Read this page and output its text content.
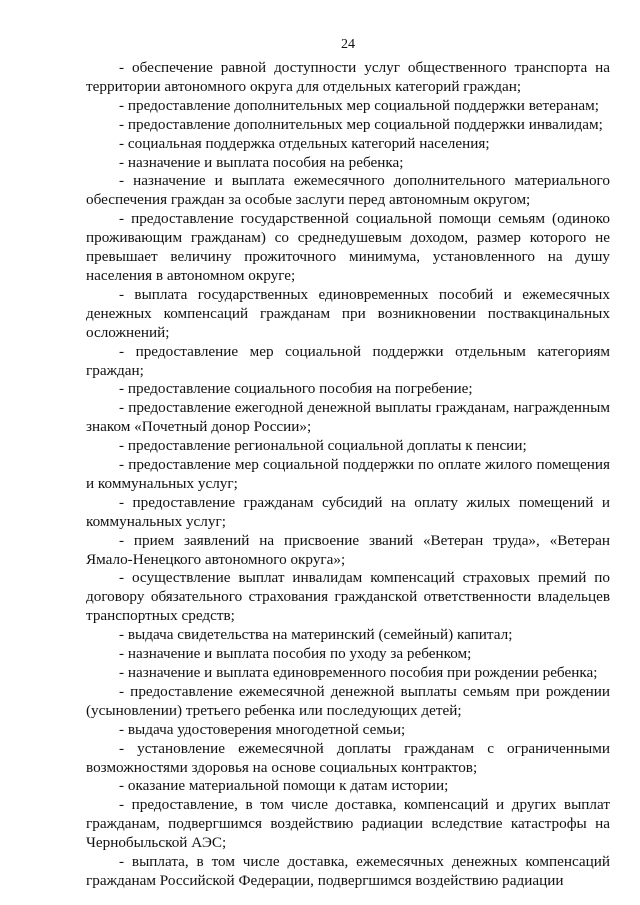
24

- обеспечение равной доступности услуг общественного транспорта на территории автономного округа для отдельных категорий граждан;

- предоставление дополнительных мер социальной поддержки ветеранам;

- предоставление дополнительных мер социальной поддержки инвалидам;

- социальная поддержка отдельных категорий населения;

- назначение и выплата пособия на ребенка;

- назначение и выплата ежемесячного дополнительного материального обеспечения граждан за особые заслуги перед автономным округом;

- предоставление государственной социальной помощи семьям (одиноко проживающим гражданам) со среднедушевым доходом, размер которого не превышает величину прожиточного минимума, установленного на душу населения в автономном округе;

- выплата государственных единовременных пособий и ежемесячных денежных компенсаций гражданам при возникновении поствакцинальных осложнений;

- предоставление мер социальной поддержки отдельным категориям граждан;

- предоставление социального пособия на погребение;

- предоставление ежегодной денежной выплаты гражданам, награжденным знаком «Почетный донор России»;

- предоставление региональной социальной доплаты к пенсии;

- предоставление мер социальной поддержки по оплате жилого помещения и коммунальных услуг;

- предоставление гражданам субсидий на оплату жилых помещений и коммунальных услуг;

- прием заявлений на присвоение званий «Ветеран труда», «Ветеран Ямало-Ненецкого автономного округа»;

- осуществление выплат инвалидам компенсаций страховых премий по договору обязательного страхования гражданской ответственности владельцев транспортных средств;

- выдача свидетельства на материнский (семейный) капитал;

- назначение и выплата пособия по уходу за ребенком;

- назначение и выплата единовременного пособия при рождении ребенка;

- предоставление ежемесячной денежной выплаты семьям при рождении (усыновлении) третьего ребенка или последующих детей;

- выдача удостоверения многодетной семьи;

- установление ежемесячной доплаты гражданам с ограниченными возможностями здоровья на основе социальных контрактов;

- оказание материальной помощи к датам истории;

- предоставление, в том числе доставка, компенсаций и других выплат гражданам, подвергшимся воздействию радиации вследствие катастрофы на Чернобыльской АЭС;

- выплата, в том числе доставка, ежемесячных денежных компенсаций гражданам Российской Федерации, подвергшимся воздействию радиации
